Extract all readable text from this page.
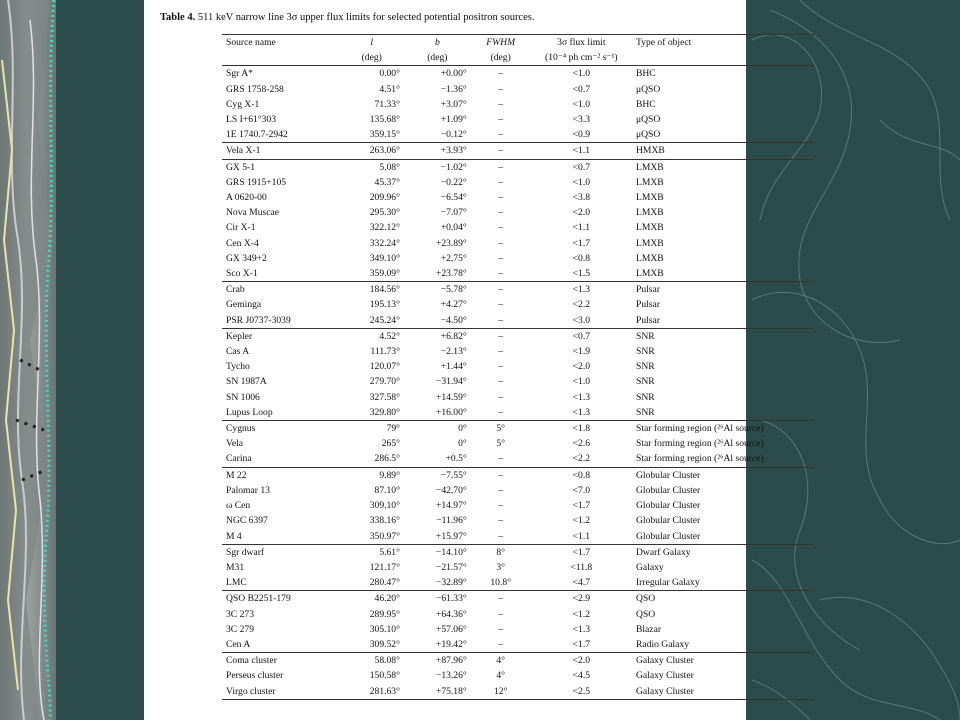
Table 4. 511 keV narrow line 3σ upper flux limits for selected potential positron sources.
Source name	l	b	FWHM	3σ flux limit	Type of object
	(deg)	(deg)	(deg)	(10⁻⁴ ph cm⁻² s⁻¹)	
Sgr A*	0.00°	+0.00°	–	<1.0	BHC
GRS 1758-258	4.51°	−1.36°	–	<0.7	μQSO
Cyg X-1	71.33°	+3.07°	–	<1.0	BHC
LS I+61°303	135.68°	+1.09°	–	<3.3	μQSO
1E 1740.7-2942	359.15°	−0.12°	–	<0.9	μQSO
Vela X-1	263.06°	+3.93°	–	<1.1	HMXB
GX 5-1	5.08°	−1.02°	–	<0.7	LMXB
GRS 1915+105	45.37°	−0.22°	–	<1.0	LMXB
A 0620-00	209.96°	−6.54°	–	<3.8	LMXB
Nova Muscae	295.30°	−7.07°	–	<2.0	LMXB
Cir X-1	322.12°	+0.04°	–	<1.1	LMXB
Cen X-4	332.24°	+23.89°	–	<1.7	LMXB
GX 349+2	349.10°	+2.75°	–	<0.8	LMXB
Sco X-1	359.09°	+23.78°	–	<1.5	LMXB
Crab	184.56°	−5.78°	–	<1.3	Pulsar
Geminga	195.13°	+4.27°	–	<2.2	Pulsar
PSR J0737-3039	245.24°	−4.50°	–	<3.0	Pulsar
Kepler	4.52°	+6.82°	–	<0.7	SNR
Cas A	111.73°	−2.13°	–	<1.9	SNR
Tycho	120.07°	+1.44°	–	<2.0	SNR
SN 1987A	279.70°	−31.94°	–	<1.0	SNR
SN 1006	327.58°	+14.59°	–	<1.3	SNR
Lupus Loop	329.80°	+16.00°	–	<1.3	SNR
Cygnus	79°	0°	5°	<1.8	Star forming region (²⁶Al source)
Vela	265°	0°	5°	<2.6	Star forming region (²⁶Al source)
Carina	286.5°	+0.5°	–	<2.2	Star forming region (²⁶Al source)
M 22	9.89°	−7.55°	–	<0.8	Globular Cluster
Palomar 13	87.10°	−42.70°	–	<7.0	Globular Cluster
ω Cen	309.10°	+14.97°	–	<1.7	Globular Cluster
NGC 6397	338.16°	−11.96°	–	<1.2	Globular Cluster
M 4	350.97°	+15.97°	–	<1.1	Globular Cluster
Sgr dwarf	5.61°	−14.10°	8°	<1.7	Dwarf Galaxy
M31	121.17°	−21.57°	3°	<11.8	Galaxy
LMC	280.47°	−32.89°	10.8°	<4.7	Irregular Galaxy
QSO B2251-179	46.20°	−61.33°	–	<2.9	QSO
3C 273	289.95°	+64.36°	–	<1.2	QSO
3C 279	305.10°	+57.06°	–	<1.3	Blazar
Cen A	309.52°	+19.42°	–	<1.7	Radio Galaxy
Coma cluster	58.08°	+87.96°	4°	<2.0	Galaxy Cluster
Perseus cluster	150.58°	−13.26°	4°	<4.5	Galaxy Cluster
Virgo cluster	281.63°	+75.18°	12°	<2.5	Galaxy Cluster
